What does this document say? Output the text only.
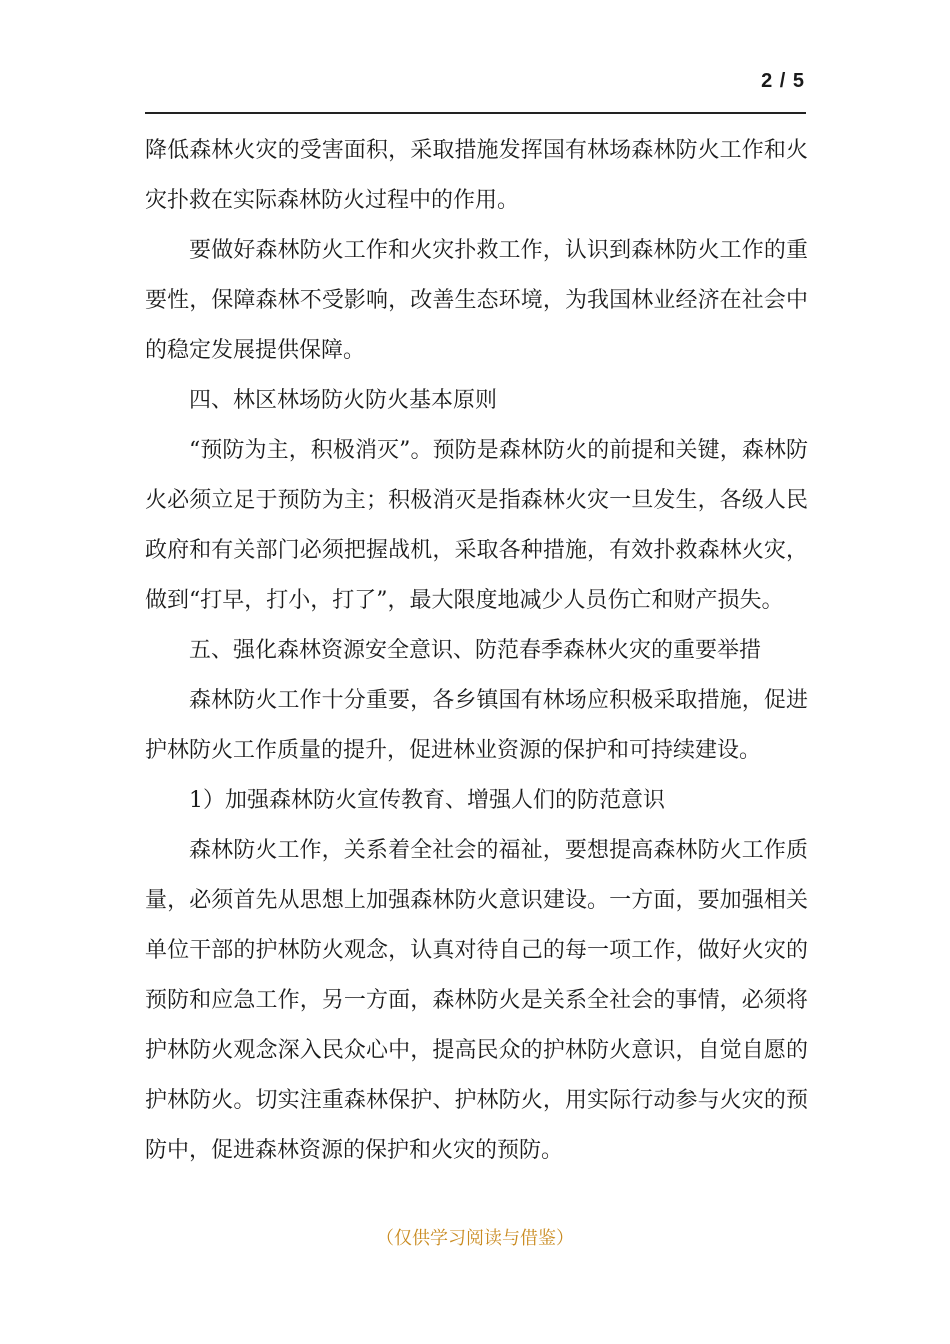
2 / 5

降低森林火灾的受害面积，采取措施发挥国有林场森林防火工作和火灾扑救在实际森林防火过程中的作用。

要做好森林防火工作和火灾扑救工作，认识到森林防火工作的重要性，保障森林不受影响，改善生态环境，为我国林业经济在社会中的稳定发展提供保障。

四、林区林场防火防火基本原则

“预防为主，积极消灭”。预防是森林防火的前提和关键，森林防火必须立足于预防为主；积极消灭是指森林火灾一旦发生，各级人民政府和有关部门必须把握战机，采取各种措施，有效扑救森林火灾，做到“打早，打小，打了”，最大限度地减少人员伤亡和财产损失。

五、强化森林资源安全意识、防范春季森林火灾的重要举措

森林防火工作十分重要，各乡镇国有林场应积极采取措施，促进护林防火工作质量的提升，促进林业资源的保护和可持续建设。

1）加强森林防火宣传教育、增强人们的防范意识

森林防火工作，关系着全社会的福祉，要想提高森林防火工作质量，必须首先从思想上加强森林防火意识建设。一方面，要加强相关单位干部的护林防火观念，认真对待自己的每一项工作，做好火灾的预防和应急工作，另一方面，森林防火是关系全社会的事情，必须将护林防火观念深入民众心中，提高民众的护林防火意识，自觉自愿的护林防火。切实注重森林保护、护林防火，用实际行动参与火灾的预防中，促进森林资源的保护和火灾的预防。

（仅供学习阅读与借鉴）
